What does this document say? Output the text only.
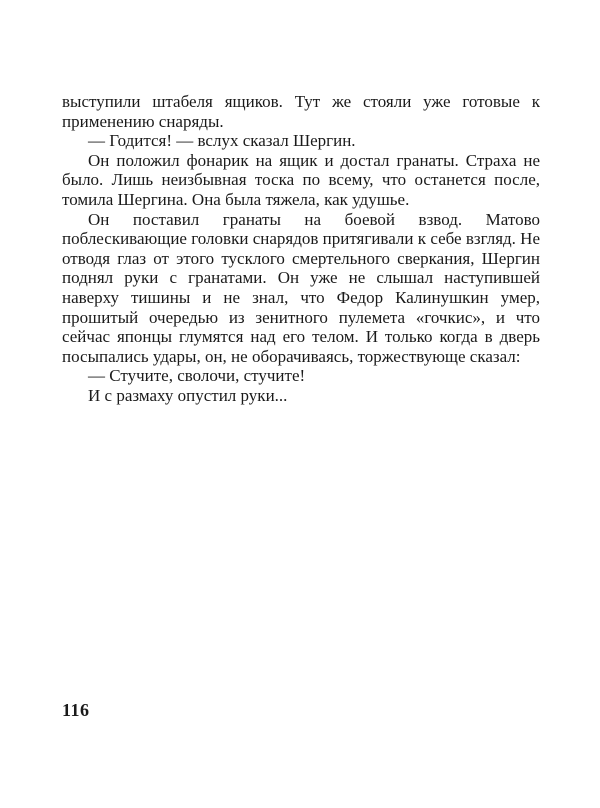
выступили штабеля ящиков. Тут же стояли уже готовые к применению снаряды.

— Годится! — вслух сказал Шергин.

Он положил фонарик на ящик и достал гранаты. Страха не было. Лишь неизбывная тоска по всему, что останется после, томила Шергина. Она была тяжела, как удушье.

Он поставил гранаты на боевой взвод. Матово поблескивающие головки снарядов притягивали к себе взгляд. Не отводя глаз от этого тусклого смертельного сверкания, Шергин поднял руки с гранатами. Он уже не слышал наступившей наверху тишины и не знал, что Федор Калинушкин умер, прошитый очередью из зенитного пулемета «гочкис», и что сейчас японцы глумятся над его телом. И только когда в дверь посыпались удары, он, не оборачиваясь, торжествующе сказал:

— Стучите, сволочи, стучите!

И с размаху опустил руки...

116
